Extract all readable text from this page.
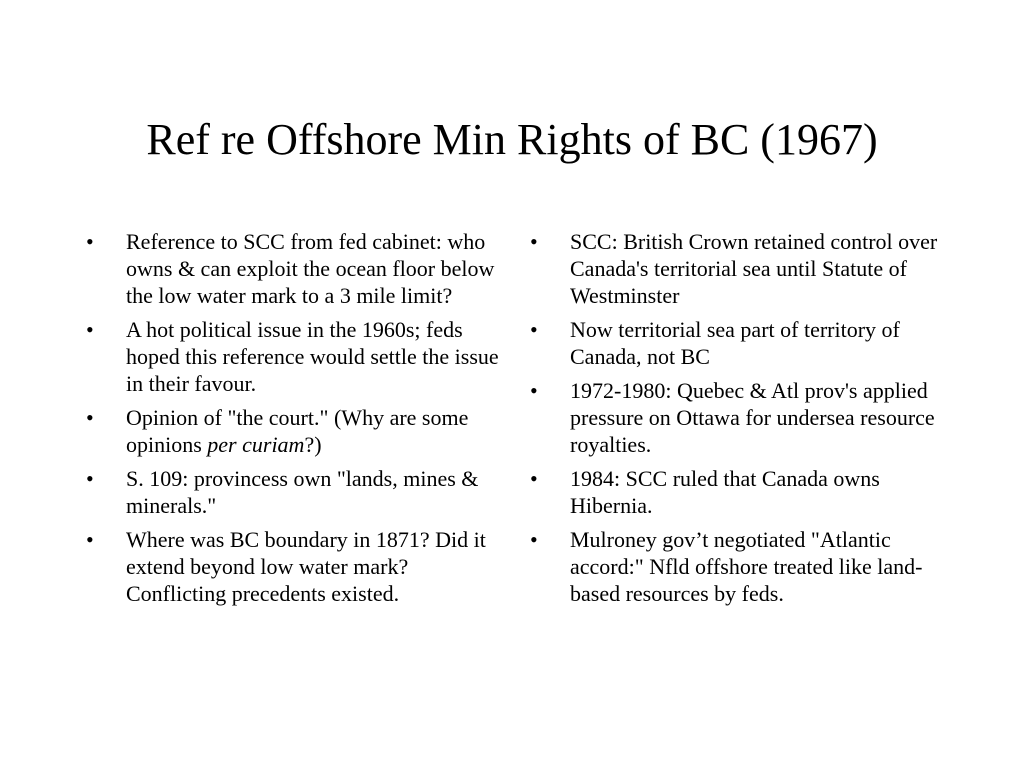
Ref re Offshore Min Rights of BC (1967)
•	Reference to SCC from fed cabinet: who owns & can exploit the ocean floor below the low water mark to a 3 mile limit?
•	A hot political issue in the 1960s; feds hoped this reference would settle the issue in their favour.
•	Opinion of "the court." (Why are some opinions per curiam?)
•	S. 109: provincess own "lands, mines & minerals."
•	Where was BC boundary in 1871? Did it extend beyond low water mark? Conflicting precedents existed.
•	SCC: British Crown retained control over Canada's territorial sea until Statute of Westminster
•	Now territorial sea part of territory of Canada, not BC
•	1972-1980: Quebec & Atl prov's applied pressure on Ottawa for undersea resource royalties.
•	1984: SCC ruled that Canada owns Hibernia.
•	Mulroney gov’t negotiated "Atlantic accord:" Nfld offshore treated like land-based resources by feds.
